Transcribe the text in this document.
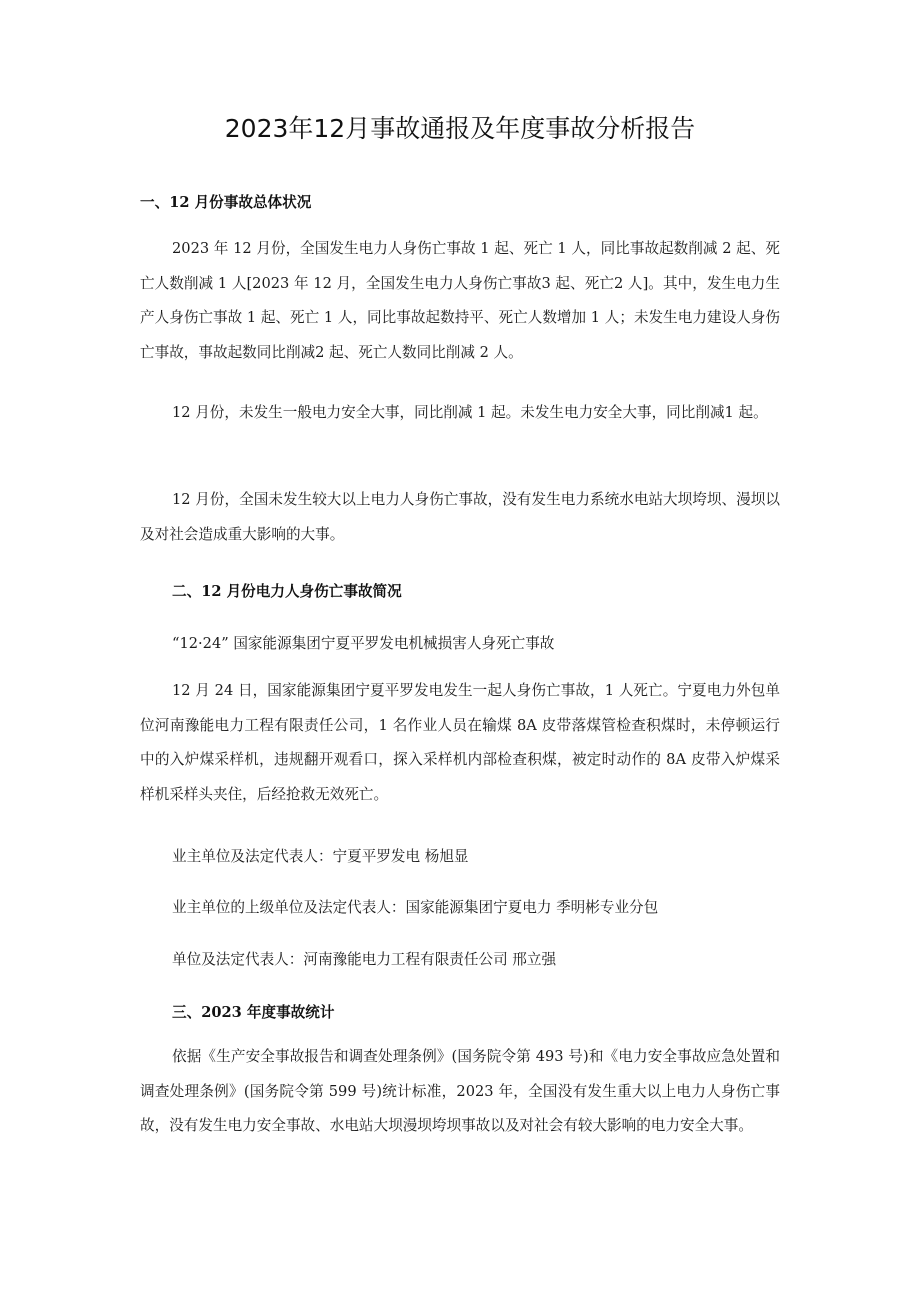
2023年12月事故通报及年度事故分析报告
一、12 月份事故总体状况

2023 年 12 月份，全国发生电力人身伤亡事故 1 起、死亡 1 人，同比事故起数削减 2 起、死亡人数削减 1 人[2023 年 12 月，全国发生电力人身伤亡事故3 起、死亡2 人]。其中，发生电力生产人身伤亡事故 1 起、死亡 1 人，同比事故起数持平、死亡人数增加 1 人；未发生电力建设人身伤亡事故，事故起数同比削减2 起、死亡人数同比削减 2 人。

12 月份，未发生一般电力安全大事，同比削减 1 起。未发生电力安全大事，同比削减1 起。

12 月份，全国未发生较大以上电力人身伤亡事故，没有发生电力系统水电站大坝垮坝、漫坝以及对社会造成重大影响的大事。

二、12 月份电力人身伤亡事故简况

“12·24” 国家能源集团宁夏平罗发电机械损害人身死亡事故

12 月 24 日，国家能源集团宁夏平罗发电发生一起人身伤亡事故，1 人死亡。宁夏电力外包单位河南豫能电力工程有限责任公司，1 名作业人员在输煤 8A 皮带落煤管检查积煤时，未停顿运行中的入炉煤采样机，违规翻开观看口，探入采样机内部检查积煤，被定时动作的 8A 皮带入炉煤采样机采样头夹住，后经抢救无效死亡。

业主单位及法定代表人：宁夏平罗发电 杨旭显

业主单位的上级单位及法定代表人：国家能源集团宁夏电力 季明彬专业分包

单位及法定代表人：河南豫能电力工程有限责任公司 邢立强

三、2023 年度事故统计

依据《生产安全事故报告和调查处理条例》(国务院令第 493 号)和《电力安全事故应急处置和调查处理条例》(国务院令第 599 号)统计标准，2023 年，全国没有发生重大以上电力人身伤亡事故，没有发生电力安全事故、水电站大坝漫坝垮坝事故以及对社会有较大影响的电力安全大事。
